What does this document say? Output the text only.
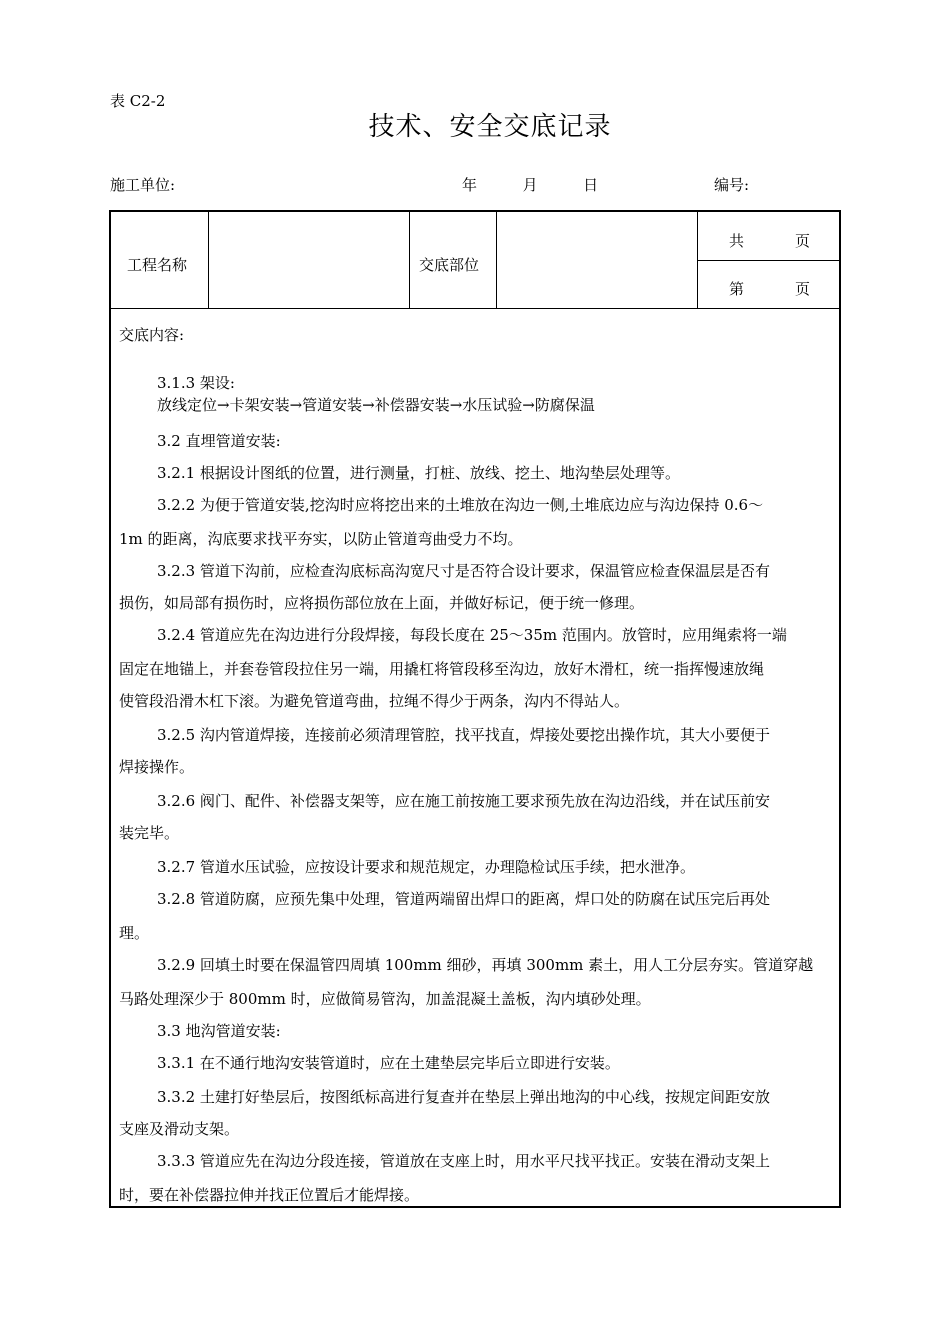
表 C2-2
技术、安全交底记录
施工单位:	年	月	日	编号:
工程名称	交底部位
共	页
第	页
交底内容:
3.1.3 架设:
放线定位→卡架安装→管道安装→补偿器安装→水压试验→防腐保温
3.2 直埋管道安装:
3.2.1 根据设计图纸的位置，进行测量，打桩、放线、挖土、地沟垫层处理等。
3.2.2 为便于管道安装,挖沟时应将挖出来的土堆放在沟边一侧,土堆底边应与沟边保持 0.6～
1m 的距离，沟底要求找平夯实，以防止管道弯曲受力不均。
3.2.3 管道下沟前，应检查沟底标高沟宽尺寸是否符合设计要求，保温管应检查保温层是否有
损伤，如局部有损伤时，应将损伤部位放在上面，并做好标记，便于统一修理。
3.2.4 管道应先在沟边进行分段焊接，每段长度在 25～35m 范围内。放管时，应用绳索将一端
固定在地锚上，并套卷管段拉住另一端，用撬杠将管段移至沟边，放好木滑杠，统一指挥慢速放绳
使管段沿滑木杠下滚。为避免管道弯曲，拉绳不得少于两条，沟内不得站人。
3.2.5 沟内管道焊接，连接前必须清理管腔，找平找直，焊接处要挖出操作坑，其大小要便于
焊接操作。
3.2.6 阀门、配件、补偿器支架等，应在施工前按施工要求预先放在沟边沿线，并在试压前安
装完毕。
3.2.7 管道水压试验，应按设计要求和规范规定，办理隐检试压手续，把水泄净。
3.2.8 管道防腐，应预先集中处理，管道两端留出焊口的距离，焊口处的防腐在试压完后再处
理。
3.2.9 回填土时要在保温管四周填 100mm 细砂，再填 300mm 素土，用人工分层夯实。管道穿越
马路处理深少于 800mm 时，应做简易管沟，加盖混凝土盖板，沟内填砂处理。
3.3 地沟管道安装:
3.3.1 在不通行地沟安装管道时，应在土建垫层完毕后立即进行安装。
3.3.2 土建打好垫层后，按图纸标高进行复查并在垫层上弹出地沟的中心线，按规定间距安放
支座及滑动支架。
3.3.3 管道应先在沟边分段连接，管道放在支座上时，用水平尺找平找正。安装在滑动支架上
时，要在补偿器拉伸并找正位置后才能焊接。
